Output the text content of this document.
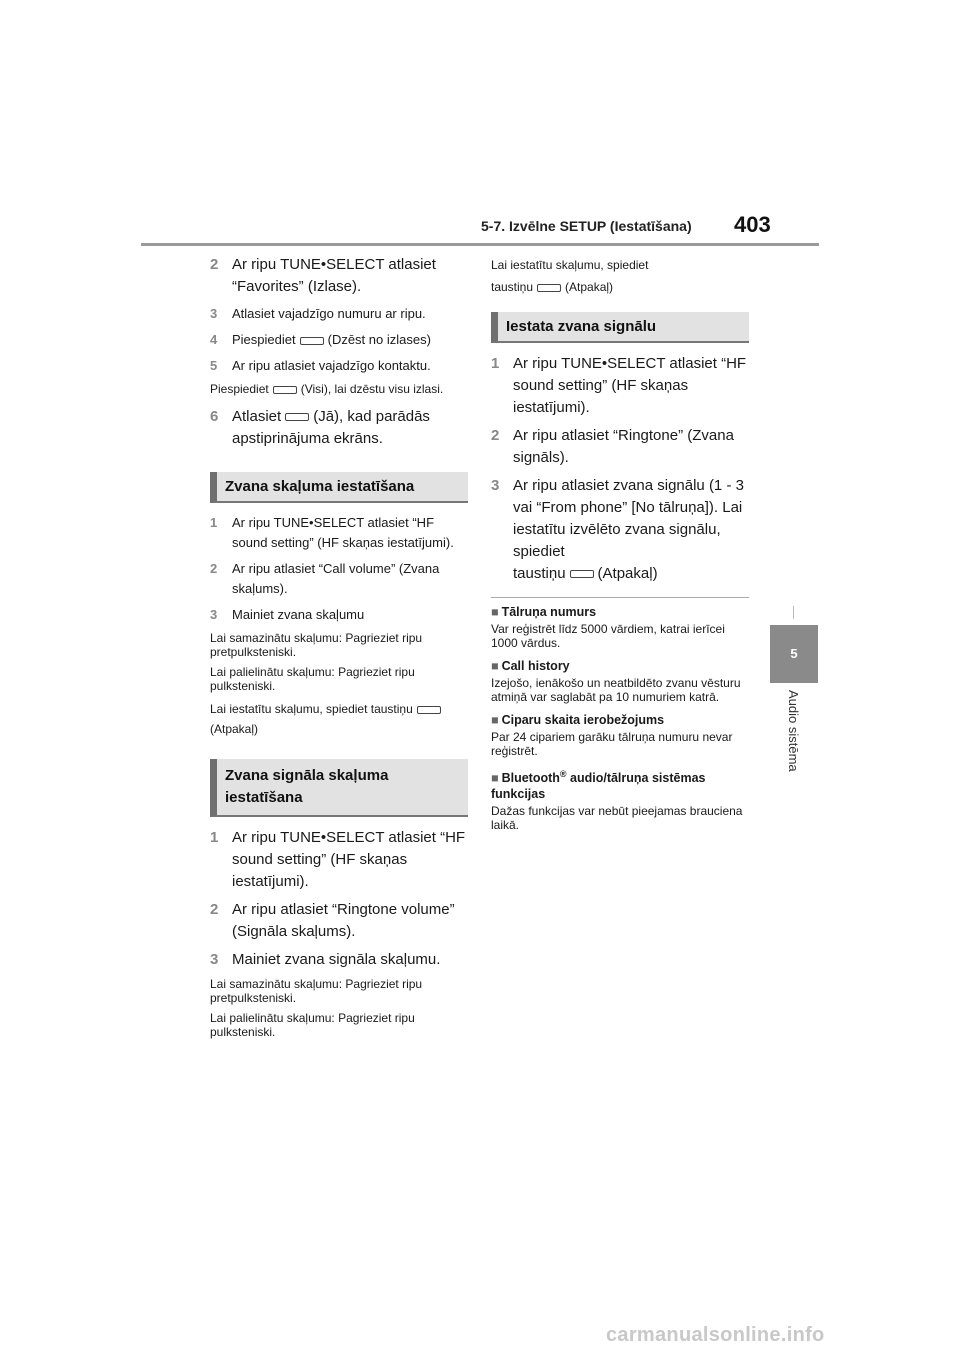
5-7. Izvēlne SETUP (Iestatīšana) 403
5
Audio sistēma
2 Ar ripu TUNE•SELECT atlasiet “Favorites” (Izlase).
3	Atlasiet vajadzīgo numuru ar ripu.
4	Piespiediet (Dzēst no izlases)
5	Ar ripu atlasiet vajadzīgo kontaktu.
Piespiediet	(Visi), lai dzēstu visu izlasi.
6 Atlasiet (Jā), kad parādās apstiprinājuma ekrāns.
Zvana skaļuma iestatīšana
1	Ar ripu TUNE•SELECT atlasiet “HF sound setting” (HF skaņas iestatījumi).
2	Ar ripu atlasiet “Call volume” (Zvana skaļums).
3	Mainiet zvana skaļumu
Lai samazinātu skaļumu: Pagrieziet ripu pretpulksteniski.
Lai palielinātu skaļumu: Pagrieziet ripu pulksteniski.
Lai iestatītu skaļumu, spiediet taustiņu
(Atpakaļ)
Zvana signāla skaļuma iestatīšana
1 Ar ripu TUNE•SELECT atlasiet “HF sound setting” (HF skaņas iestatījumi).
2 Ar ripu atlasiet “Ringtone volume” (Signāla skaļums).
3 Mainiet zvana signāla skaļumu.
Lai samazinātu skaļumu: Pagrieziet ripu pretpulksteniski.
Lai palielinātu skaļumu: Pagrieziet ripu pulksteniski.
Lai iestatītu skaļumu, spiediet
taustiņu	(Atpakaļ)
Iestata zvana signālu
1 Ar ripu TUNE•SELECT atlasiet “HF sound setting” (HF skaņas iestatījumi).
2 Ar ripu atlasiet “Ringtone” (Zvana signāls).
3 Ar ripu atlasiet zvana signālu (1 - 3 vai “From phone” [No tālruņa]). Lai iestatītu izvēlēto zvana signālu, spiediet
taustiņu (Atpakaļ)
■ Tālruņa numurs
Var reģistrēt līdz 5000 vārdiem, katrai ierīcei 1000 vārdus.
■ Call history
Izejošo, ienākošo un neatbildēto zvanu vēsturu atmiņā var saglabāt pa 10 numuriem katrā.
■ Ciparu skaita ierobežojums
Par 24 cipariem garāku tālruņa numuru nevar reģistrēt.
■ Bluetooth® audio/tālruņa sistēmas funkcijas
Dažas funkcijas var nebūt pieejamas brauciena laikā.
carmanualsonline.info
